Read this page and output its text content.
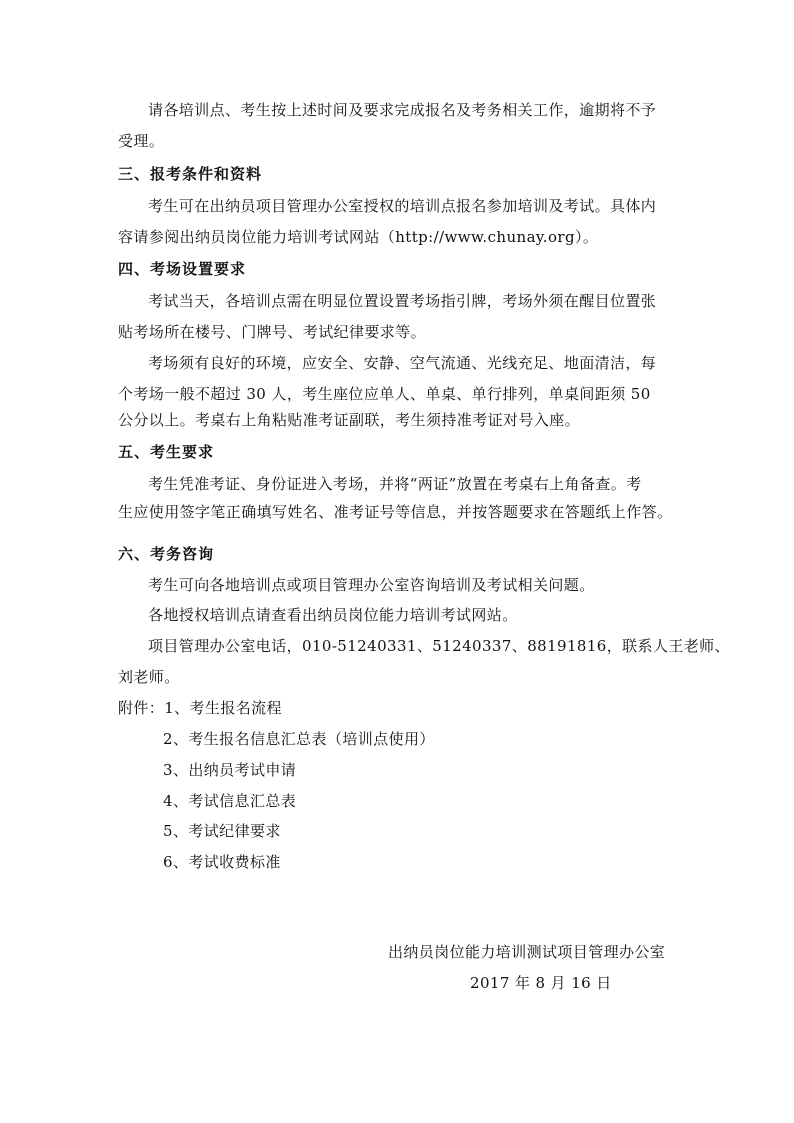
请各培训点、考生按上述时间及要求完成报名及考务相关工作，逾期将不予
受理。
三、报考条件和资料
考生可在出纳员项目管理办公室授权的培训点报名参加培训及考试。具体内
容请参阅出纳员岗位能力培训考试网站（http://www.chunay.org）。
四、考场设置要求
考试当天，各培训点需在明显位置设置考场指引牌，考场外须在醒目位置张
贴考场所在楼号、门牌号、考试纪律要求等。
考场须有良好的环境，应安全、安静、空气流通、光线充足、地面清洁，每
个考场一般不超过 30 人，考生座位应单人、单桌、单行排列，单桌间距须 50
公分以上。考桌右上角粘贴准考证副联，考生须持准考证对号入座。
五、考生要求
考生凭准考证、身份证进入考场，并将“两证”放置在考桌右上角备查。考
生应使用签字笔正确填写姓名、准考证号等信息，并按答题要求在答题纸上作答。
六、考务咨询
考生可向各地培训点或项目管理办公室咨询培训及考试相关问题。
各地授权培训点请查看出纳员岗位能力培训考试网站。
项目管理办公室电话，010-51240331、51240337、88191816，联系人王老师、
刘老师。
附件：1、考生报名流程
2、考生报名信息汇总表（培训点使用）
3、出纳员考试申请
4、考试信息汇总表
5、考试纪律要求
6、考试收费标准
出纳员岗位能力培训测试项目管理办公室
2017 年 8 月 16 日
